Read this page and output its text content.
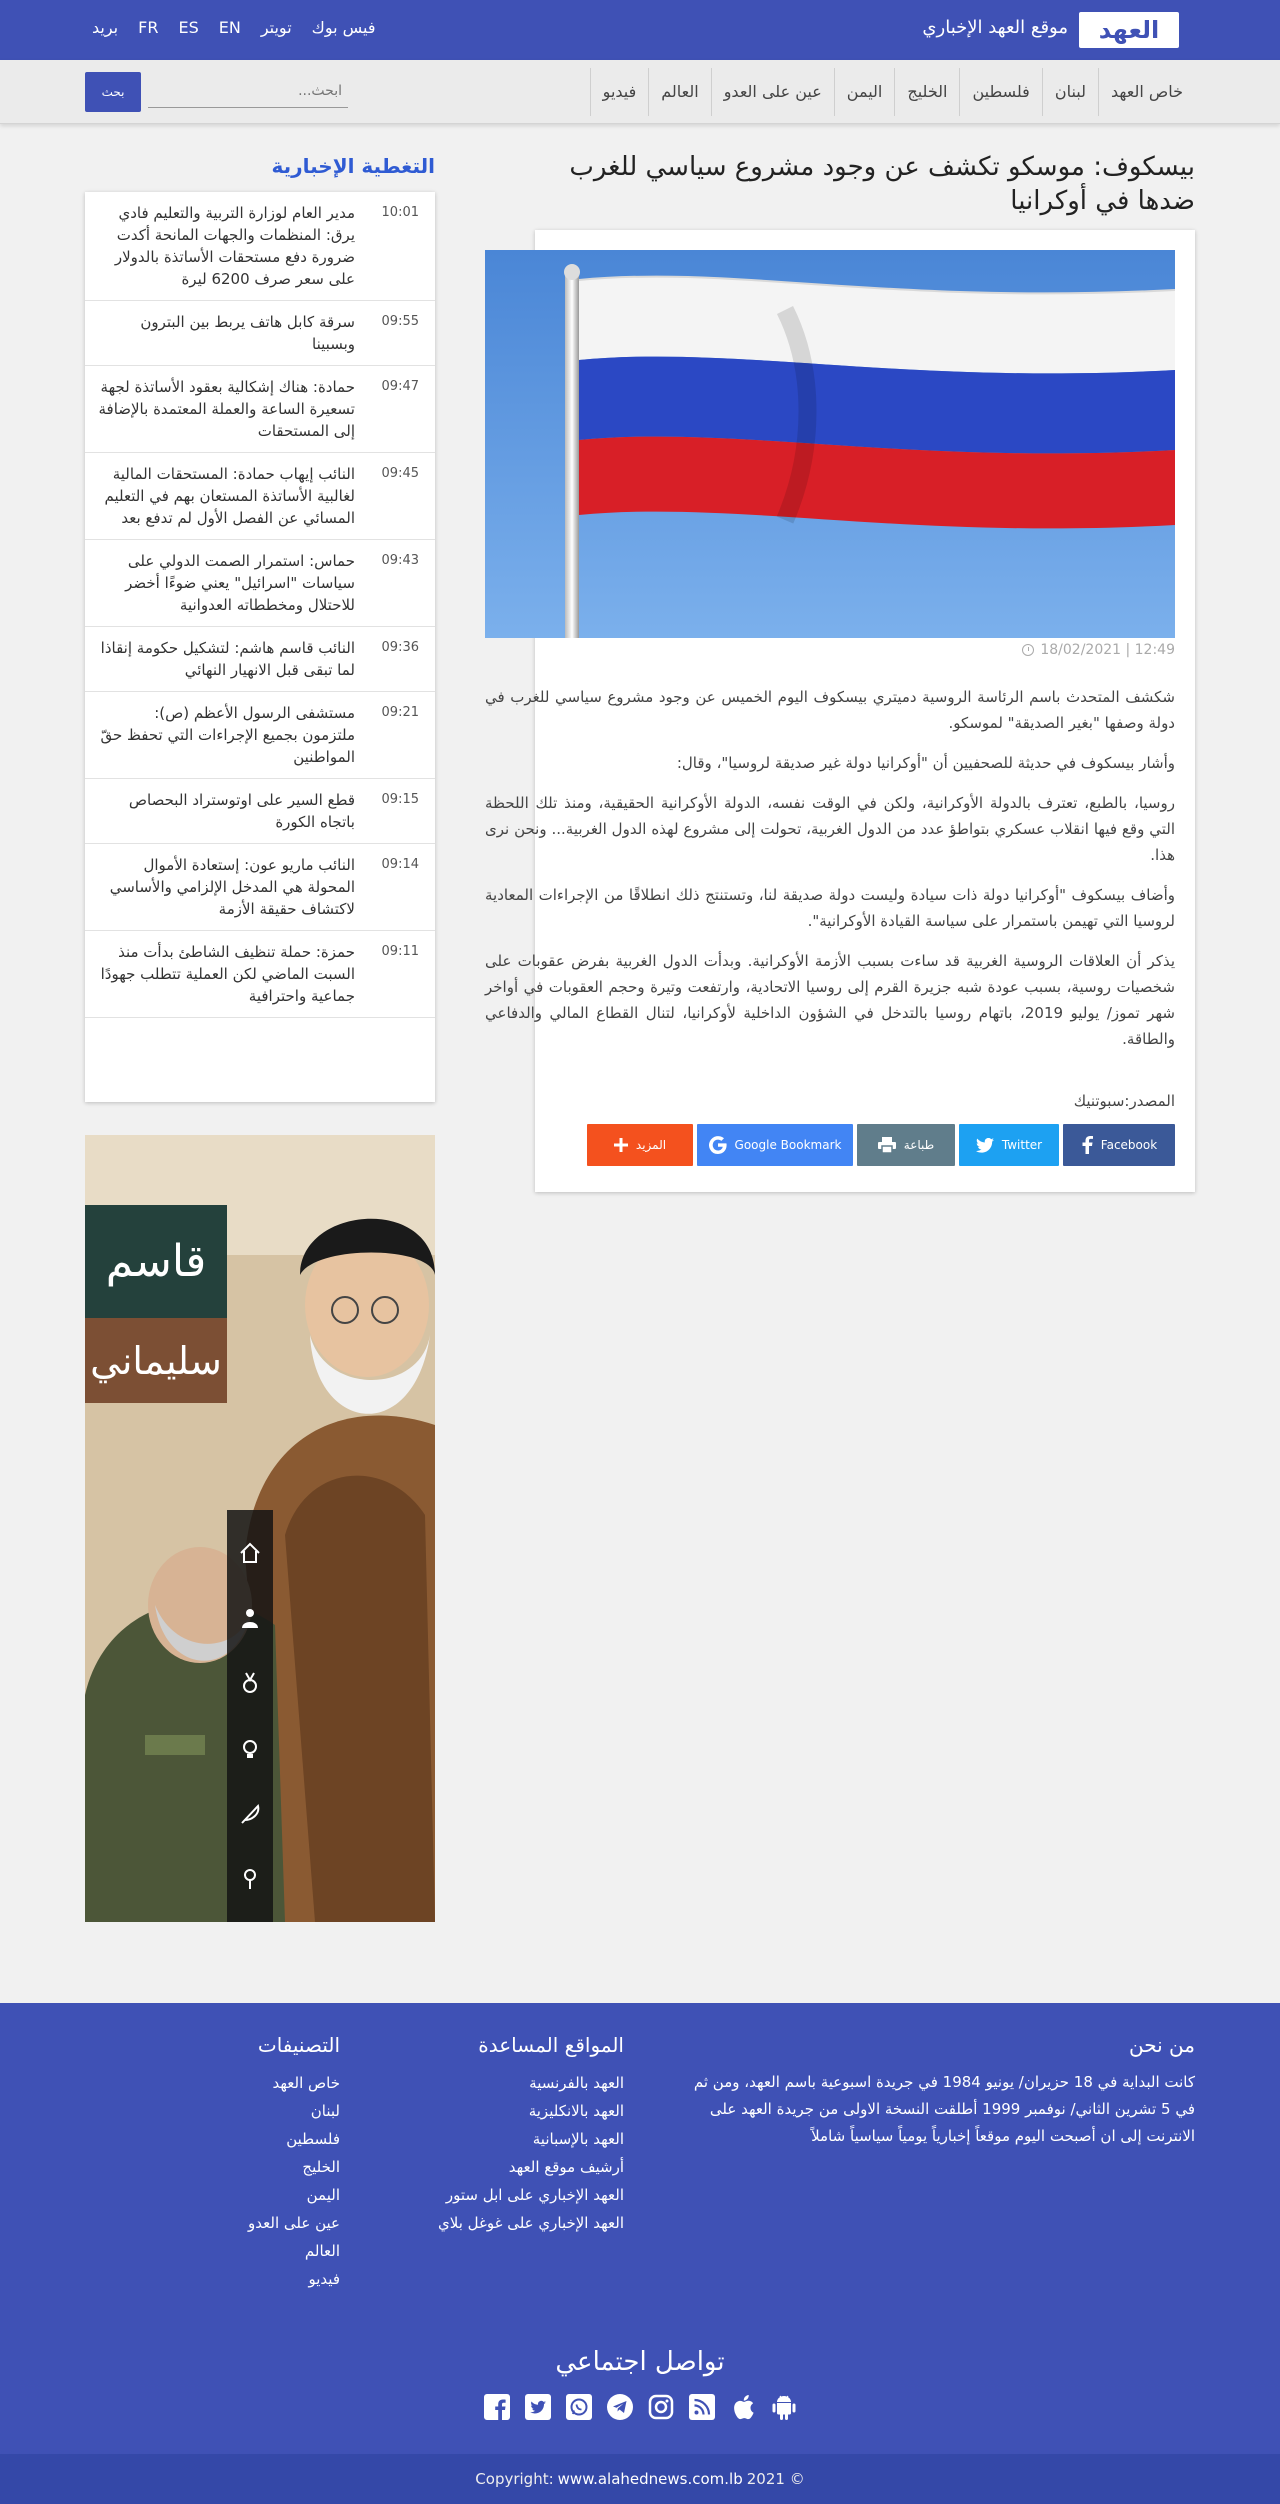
العهد
موقع العهد الإخباري
فيس بوك
تويتر
EN
ES
FR
بريد
خاص العهد
لبنان
فلسطين
الخليج
اليمن
عين على العدو
العالم
فيديو
ابحث...
بحث
بيسكوف: موسكو تكشف عن وجود مشروع سياسي للغرب ضدها في أوكرانيا
18/02/2021 | 12:49

شكشف المتحدث باسم الرئاسة الروسية دميتري بيسكوف اليوم الخميس عن وجود مشروع سياسي للغرب في دولة وصفها "بغير الصديقة" لموسكو.

وأشار بيسكوف في حديثة للصحفيين أن "أوكرانيا دولة غير صديقة لروسيا"، وقال:

روسيا، بالطبع، تعترف بالدولة الأوكرانية، ولكن في الوقت نفسه، الدولة الأوكرانية الحقيقية، ومنذ تلك اللحظة التي وقع فيها انقلاب عسكري بتواطؤ عدد من الدول الغربية، تحولت إلى مشروع لهذه الدول الغربية... ونحن نرى هذا.

وأضاف بيسكوف "أوكرانيا دولة ذات سيادة وليست دولة صديقة لنا، وتستنتج ذلك انطلاقًا من الإجراءات المعادية لروسيا التي تهيمن باستمرار على سياسة القيادة الأوكرانية".

يذكر أن العلاقات الروسية الغربية قد ساءت بسبب الأزمة الأوكرانية. وبدأت الدول الغربية بفرض عقوبات على شخصيات روسية، بسبب عودة شبه جزيرة القرم إلى روسيا الاتحادية، وارتفعت وتيرة وحجم العقوبات في أواخر شهر تموز/ يوليو 2019، باتهام روسيا بالتدخل في الشؤون الداخلية لأوكرانيا، لتنال القطاع المالي والدفاعي والطاقة.

المصدر:سبوتنيك
Facebook
Twitter
طباعة
Google Bookmark
المزيد
التغطية الإخبارية
10:01
مدير العام لوزارة التربية والتعليم فادي يرق: المنظمات والجهات المانحة أكدت ضرورة دفع مستحقات الأساتذة بالدولار على سعر صرف 6200 ليرة
09:55
سرقة كابل هاتف يربط بين البترون وبسبينا
09:47
حمادة: هناك إشكالية بعقود الأساتذة لجهة تسعيرة الساعة والعملة المعتمدة بالإضافة إلى المستحقات
09:45
النائب إيهاب حمادة: المستحقات المالية لغالبية الأساتذة المستعان بهم في التعليم المسائي عن الفصل الأول لم تدفع بعد
09:43
حماس: استمرار الصمت الدولي على سياسات "اسرائيل" يعني ضوءًا أخضر للاحتلال ومخططاته العدوانية
09:36
النائب قاسم هاشم: لتشكيل حكومة إنقاذا لما تبقى قبل الانهيار النهائي
09:21
مستشفى الرسول الأعظم (ص): ملتزمون بجميع الإجراءات التي تحفظ حقّ المواطنين
09:15
قطع السير على اوتوستراد البحصاص باتجاه الكورة
09:14
النائب ماريو عون: إستعادة الأموال المحولة هي المدخل الإلزامي والأساسي لاكتشاف حقيقة الأزمة
09:11
حمزة: حملة تنظيف الشاطئ بدأت منذ السبت الماضي لكن العملية تتطلب جهودًا جماعية واحترافية
قاسم
سليماني
من نحن

كانت البداية في 18 حزيران/ يونيو 1984 في جريدة اسبوعية باسم العهد، ومن ثم في 5 تشرين الثاني/ نوفمبر 1999 أطلقت النسخة الاولى من جريدة العهد على الانترنت إلى ان أصبحت اليوم موقعاً إخبارياً يومياً سياسياً شاملاً

المواقع المساعدة
العهد بالفرنسية
العهد بالانكليزية
العهد بالإسبانية
أرشيف موقع العهد
العهد الإخباري على ابل ستور
العهد الإخباري على غوغل بلاي
التصنيفات
خاص العهد
لبنان
فلسطين
الخليج
اليمن
عين على العدو
العالم
فيديو
تواصل اجتماعي
Copyright: www.alahednews.com.lb 2021 ©
